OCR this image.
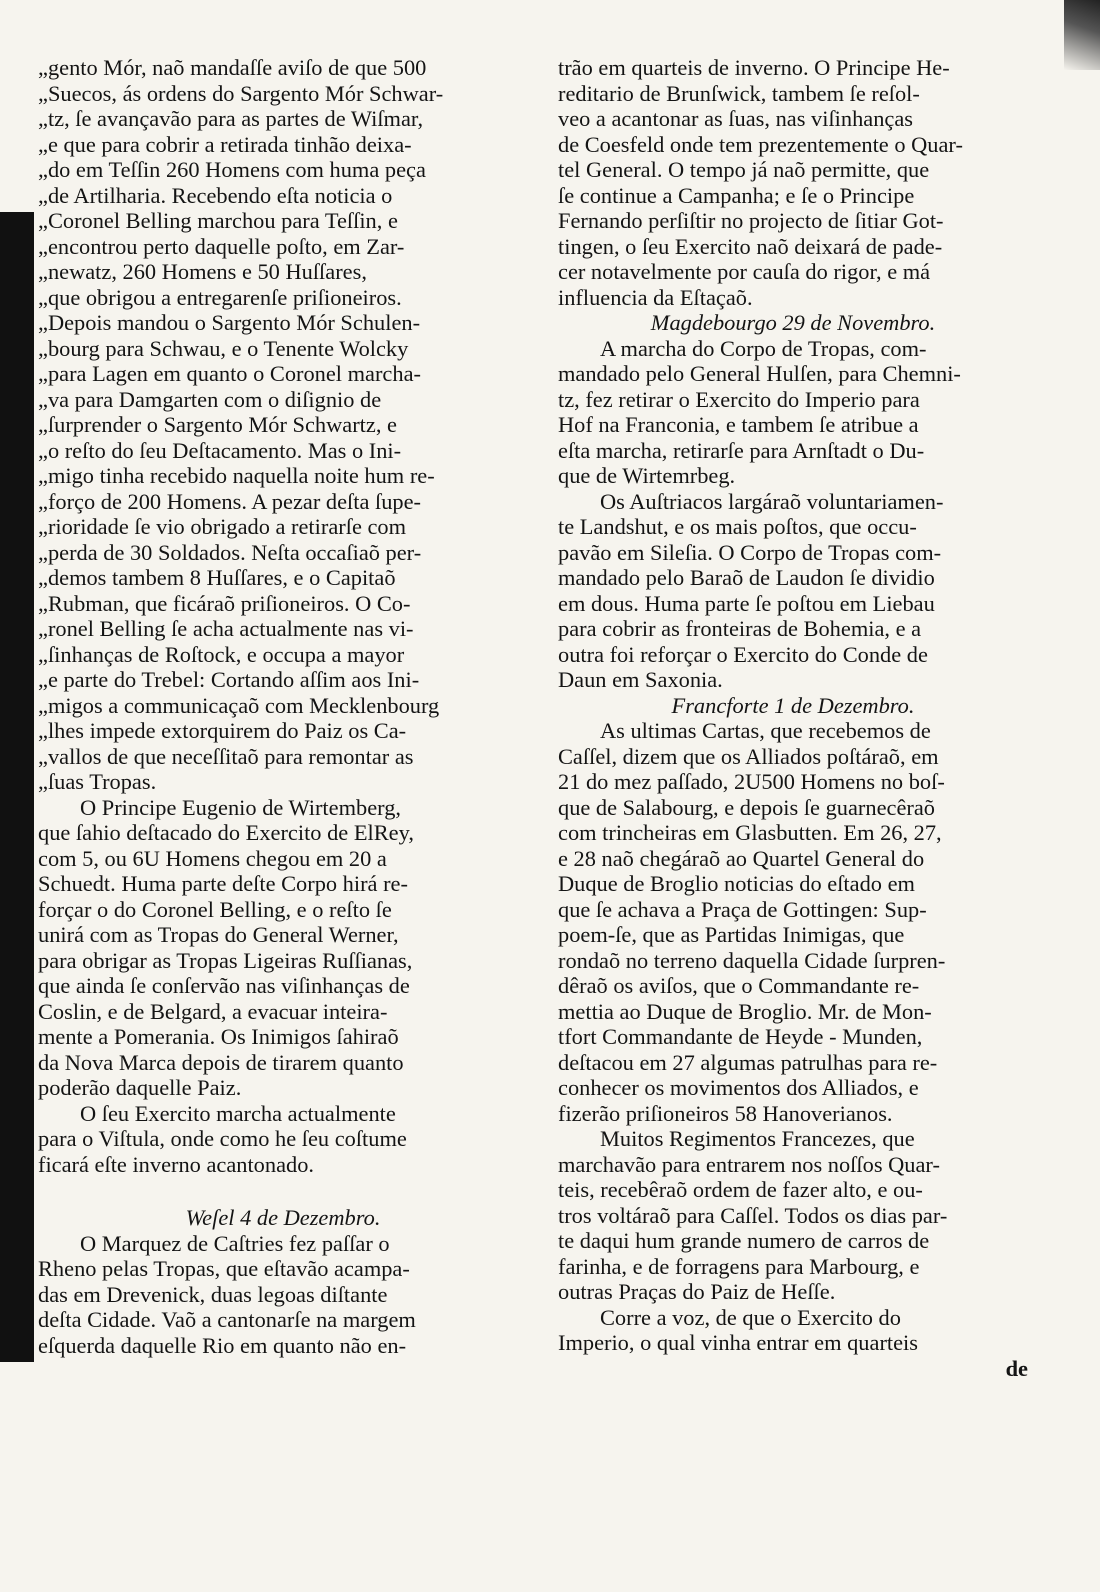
„gento Mór, naõ mandaſſe aviſo de que 500
„Suecos, ás ordens do Sargento Mór Schwar-
„tz, ſe avançavão para as partes de Wiſmar,
„e que para cobrir a retirada tinhão deixa-
„do em Teſſin 260 Homens com huma peça
„de Artilharia. Recebendo eſta noticia o
„Coronel Belling marchou para Teſſin, e
„encontrou perto daquelle poſto, em Zar-
„newatz, 260 Homens e 50 Huſſares,
„que obrigou a entregarenſe priſioneiros.
„Depois mandou o Sargento Mór Schulen-
„bourg para Schwau, e o Tenente Wolcky
„para Lagen em quanto o Coronel marcha-
„va para Damgarten com o diſignio de
„ſurprender o Sargento Mór Schwartz, e
„o reſto do ſeu Deſtacamento. Mas o Ini-
„migo tinha recebido naquella noite hum re-
„forço de 200 Homens. A pezar deſta ſupe-
„rioridade ſe vio obrigado a retirarſe com
„perda de 30 Soldados. Neſta occaſiaõ per-
„demos tambem 8 Huſſares, e o Capitaõ
„Rubman, que ficáraõ priſioneiros. O Co-
„ronel Belling ſe acha actualmente nas vi-
„ſinhanças de Roſtock, e occupa a mayor
„e parte do Trebel: Cortando aſſim aos Ini-
„migos a communicaçaõ com Mecklenbourg
„lhes impede extorquirem do Paiz os Ca-
„vallos de que neceſſitaõ para remontar as
„ſuas Tropas.
O Principe Eugenio de Wirtemberg,
que ſahio deſtacado do Exercito de ElRey,
com 5, ou 6U Homens chegou em 20 a
Schuedt. Huma parte deſte Corpo hirá re-
forçar o do Coronel Belling, e o reſto ſe
unirá com as Tropas do General Werner,
para obrigar as Tropas Ligeiras Ruſſianas,
que ainda ſe conſervão nas viſinhanças de
Coslin, e de Belgard, a evacuar inteira-
mente a Pomerania. Os Inimigos ſahiraõ
da Nova Marca depois de tirarem quanto
poderão daquelle Paiz.
O ſeu Exercito marcha actualmente
para o Viſtula, onde como he ſeu coſtume
ficará eſte inverno acantonado.
Weſel 4 de Dezembro.
O Marquez de Caſtries fez paſſar o
Rheno pelas Tropas, que eſtavão acampa-
das em Drevenick, duas legoas diſtante
deſta Cidade. Vaõ a cantonarſe na margem
eſquerda daquelle Rio em quanto não en-
trão em quarteis de inverno. O Principe He-
reditario de Brunſwick, tambem ſe reſol-
veo a acantonar as ſuas, nas viſinhanças
de Coesfeld onde tem prezentemente o Quar-
tel General. O tempo já naõ permitte, que
ſe continue a Campanha; e ſe o Principe
Fernando perſiſtir no projecto de ſitiar Got-
tingen, o ſeu Exercito naõ deixará de pade-
cer notavelmente por cauſa do rigor, e má
influencia da Eſtaçaõ.
Magdebourgo 29 de Novembro.
A marcha do Corpo de Tropas, com-
mandado pelo General Hulſen, para Chemni-
tz, fez retirar o Exercito do Imperio para
Hof na Franconia, e tambem ſe atribue a
eſta marcha, retirarſe para Arnſtadt o Du-
que de Wirtemrbeg.
Os Auſtriacos largáraõ voluntariamen-
te Landshut, e os mais poſtos, que occu-
pavão em Sileſia. O Corpo de Tropas com-
mandado pelo Baraõ de Laudon ſe dividio
em dous. Huma parte ſe poſtou em Liebau
para cobrir as fronteiras de Bohemia, e a
outra foi reforçar o Exercito do Conde de
Daun em Saxonia.
Francforte 1 de Dezembro.
As ultimas Cartas, que recebemos de
Caſſel, dizem que os Alliados poſtáraõ, em
21 do mez paſſado, 2U500 Homens no boſ-
que de Salabourg, e depois ſe guarnecêraõ
com trincheiras em Glasbutten. Em 26, 27,
e 28 naõ chegáraõ ao Quartel General do
Duque de Broglio noticias do eſtado em
que ſe achava a Praça de Gottingen: Sup-
poem-ſe, que as Partidas Inimigas, que
rondaõ no terreno daquella Cidade ſurpren-
dêraõ os aviſos, que o Commandante re-
mettia ao Duque de Broglio. Mr. de Mon-
tfort Commandante de Heyde - Munden,
deſtacou em 27 algumas patrulhas para re-
conhecer os movimentos dos Alliados, e
fizerão priſioneiros 58 Hanoverianos.
Muitos Regimentos Francezes, que
marchavão para entrarem nos noſſos Quar-
teis, recebêraõ ordem de fazer alto, e ou-
tros voltáraõ para Caſſel. Todos os dias par-
te daqui hum grande numero de carros de
farinha, e de forragens para Marbourg, e
outras Praças do Paiz de Heſſe.
Corre a voz, de que o Exercito do
Imperio, o qual vinha entrar em quarteis
de
